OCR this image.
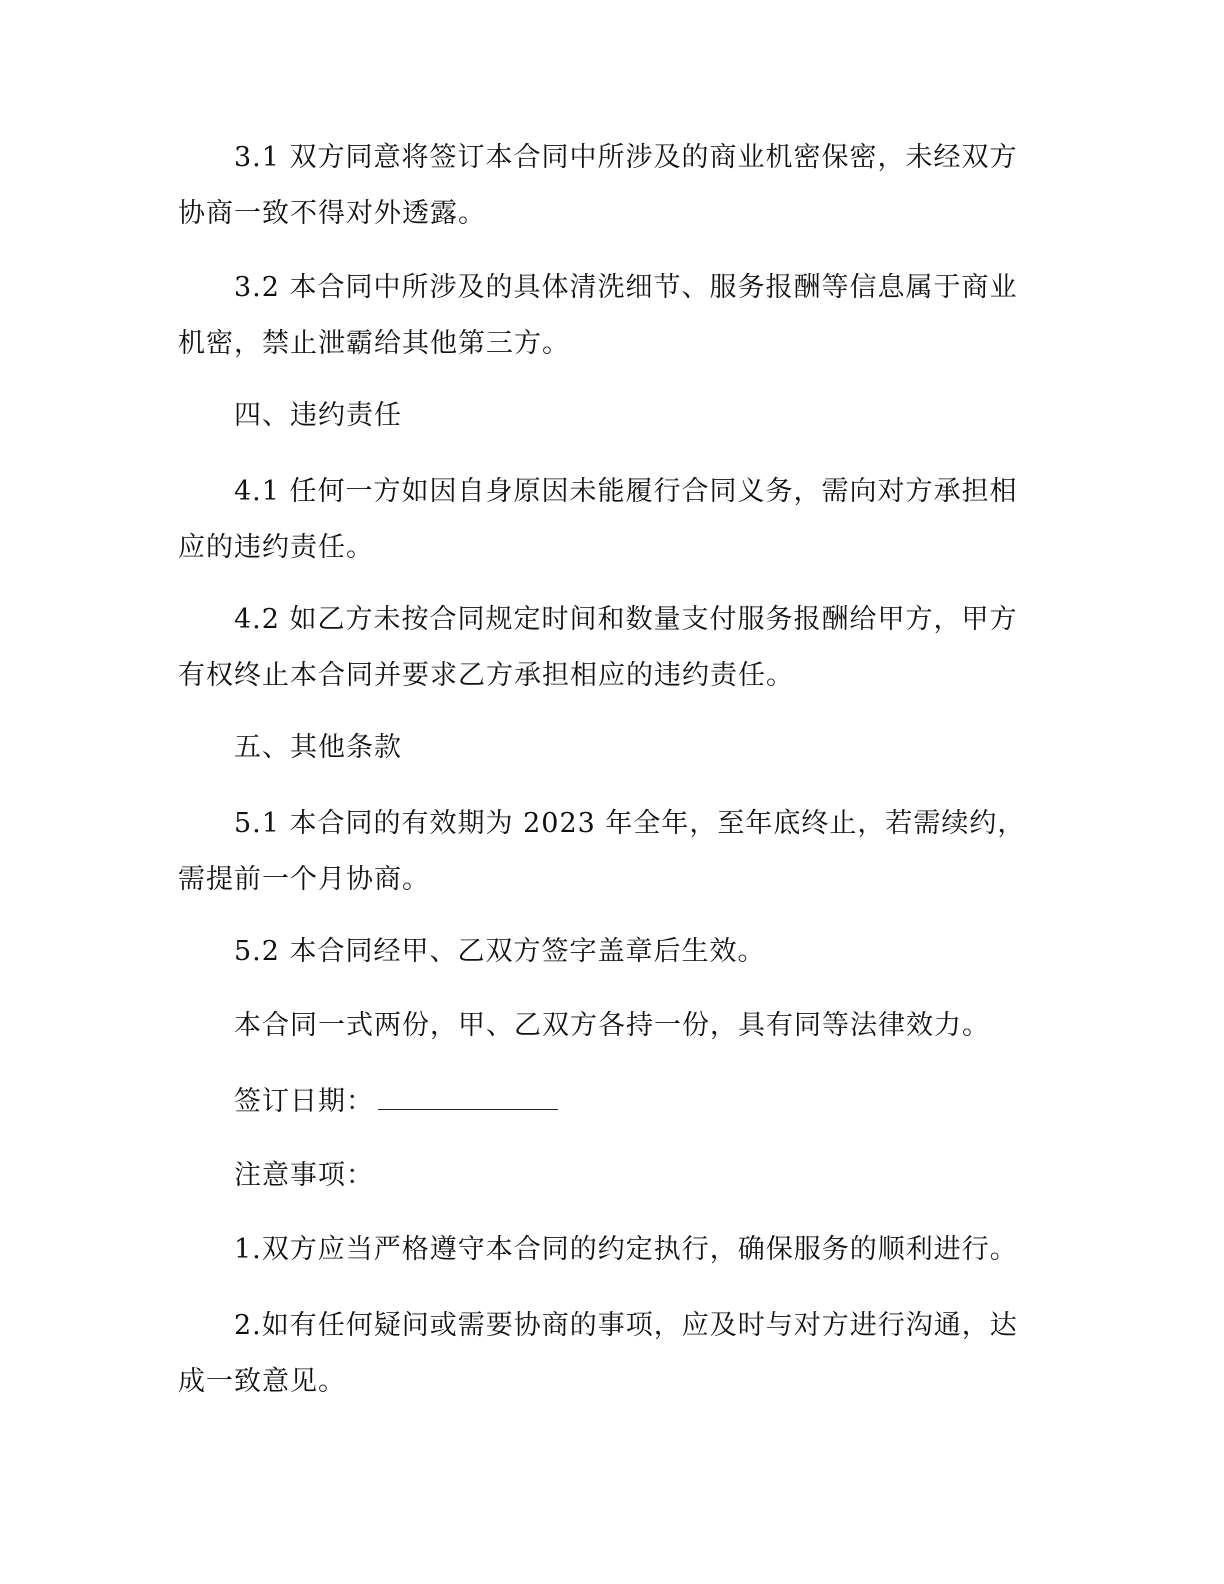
3.1 双方同意将签订本合同中所涉及的商业机密保密，未经双方协商一致不得对外透露。

3.2 本合同中所涉及的具体清洗细节、服务报酬等信息属于商业机密，禁止泄霸给其他第三方。

四、违约责任

4.1 任何一方如因自身原因未能履行合同义务，需向对方承担相应的违约责任。

4.2 如乙方未按合同规定时间和数量支付服务报酬给甲方，甲方有权终止本合同并要求乙方承担相应的违约责任。

五、其他条款

5.1 本合同的有效期为 2023 年全年，至年底终止，若需续约，需提前一个月协商。

5.2 本合同经甲、乙双方签字盖章后生效。

本合同一式两份，甲、乙双方各持一份，具有同等法律效力。

签订日期：

注意事项：

1.双方应当严格遵守本合同的约定执行，确保服务的顺利进行。

2.如有任何疑问或需要协商的事项，应及时与对方进行沟通，达成一致意见。
